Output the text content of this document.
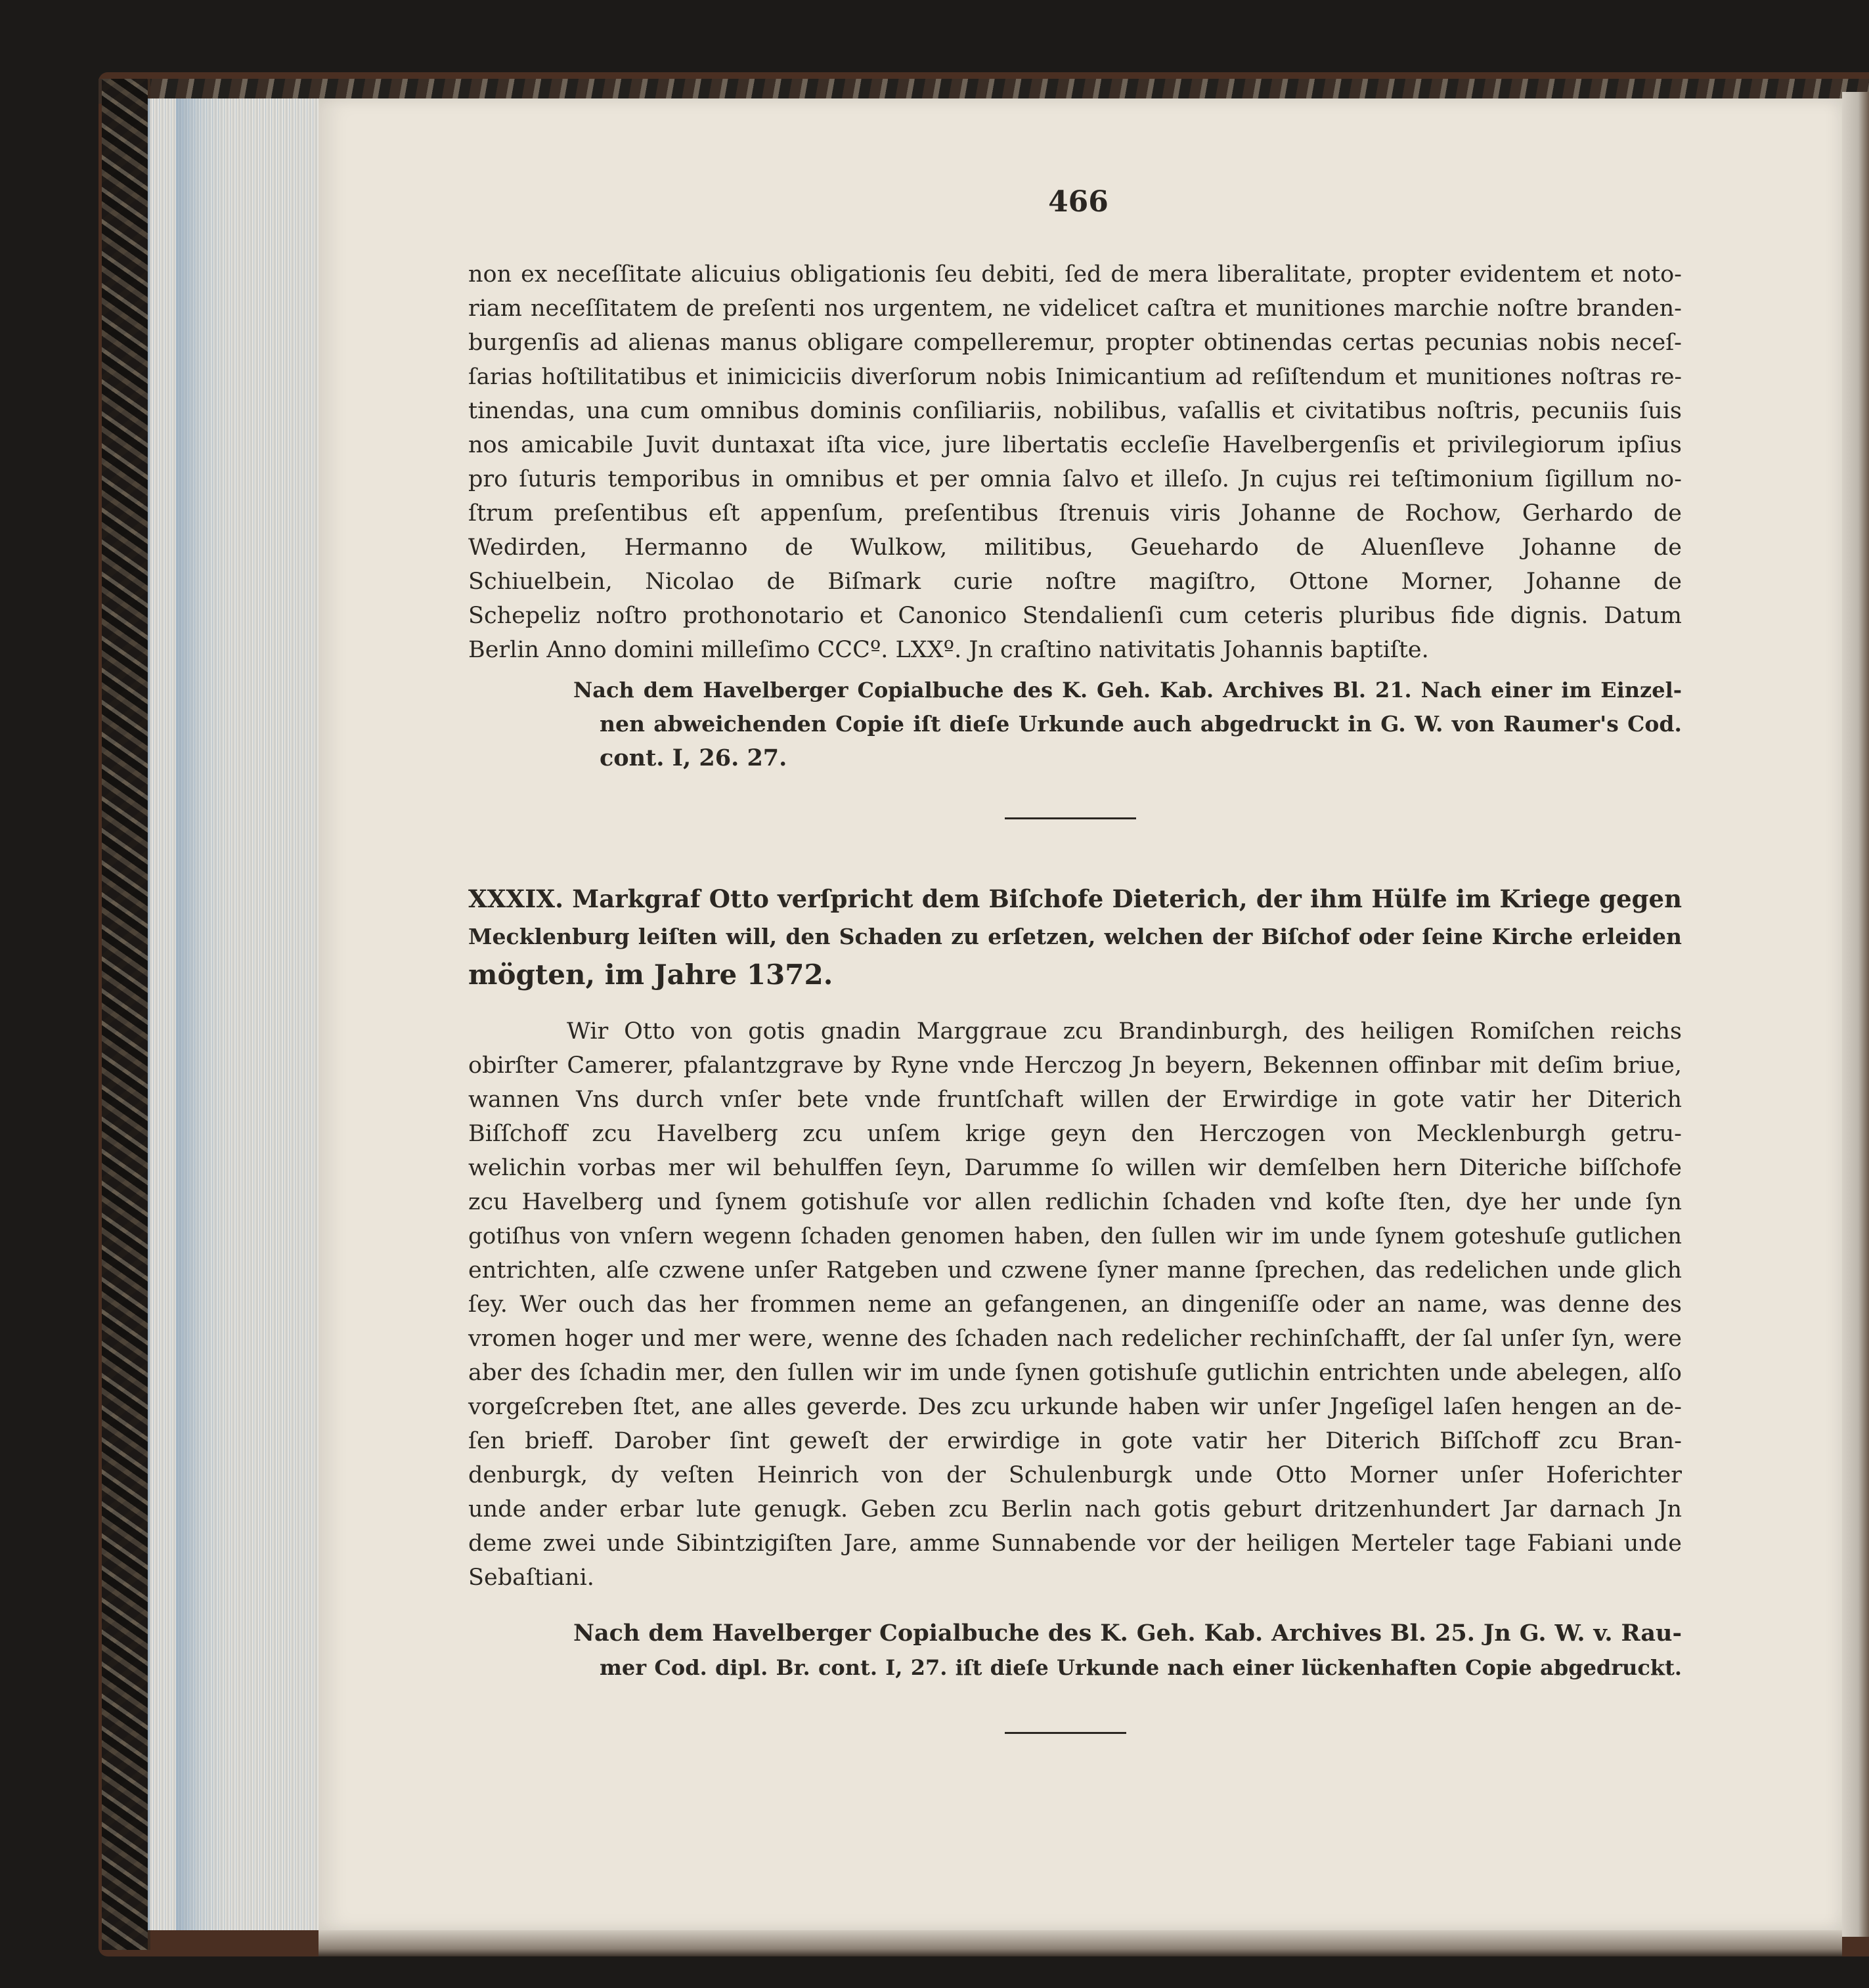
466
non ex neceſſitate alicuius obligationis ſeu debiti, ſed de mera liberalitate, propter evidentem et noto-
riam neceſſitatem de preſenti nos urgentem, ne videlicet caſtra et munitiones marchie noſtre branden-
burgenſis ad alienas manus obligare compelleremur, propter obtinendas certas pecunias nobis neceſ-
ſarias hoſtilitatibus et inimiciciis diverſorum nobis Inimicantium ad reſiſtendum et munitiones noſtras re-
tinendas, una cum omnibus dominis conſiliariis, nobilibus, vaſallis et civitatibus noſtris, pecuniis ſuis
nos amicabile Juvit duntaxat iſta vice, jure libertatis eccleſie Havelbergenſis et privilegiorum ipſius
pro ſuturis temporibus in omnibus et per omnia ſalvo et illeſo. Jn cujus rei teſtimonium ſigillum no-
ſtrum preſentibus eſt appenſum, preſentibus ſtrenuis viris Johanne de Rochow, Gerhardo de
Wedirden, Hermanno de Wulkow, militibus, Geuehardo de Aluenſleve Johanne de
Schiuelbein, Nicolao de Biſmark curie noſtre magiſtro, Ottone Morner, Johanne de
Schepeliz noſtro prothonotario et Canonico Stendalienſi cum ceteris pluribus fide dignis. Datum
Berlin Anno domini milleſimo CCCº. LXXº. Jn craſtino nativitatis Johannis baptiſte.
Nach dem Havelberger Copialbuche des K. Geh. Kab. Archives Bl. 21. Nach einer im Einzel-
nen abweichenden Copie iſt dieſe Urkunde auch abgedruckt in G. W. von Raumer's Cod.
cont. I, 26. 27.
XXXIX. Markgraf Otto verſpricht dem Biſchofe Dieterich, der ihm Hülfe im Kriege gegen
Mecklenburg leiſten will, den Schaden zu erſetzen, welchen der Biſchof oder ſeine Kirche erleiden
mögten, im Jahre 1372.
Wir Otto von gotis gnadin Marggraue zcu Brandinburgh, des heiligen Romiſchen reichs
obirſter Camerer, pfalantzgrave by Ryne vnde Herczog Jn beyern, Bekennen offinbar mit deſim briue,
wannen Vns durch vnſer bete vnde fruntſchaft willen der Erwirdige in gote vatir her Diterich
Biſſchoff zcu Havelberg zcu unſem krige geyn den Herczogen von Mecklenburgh getru-
welichin vorbas mer wil behulffen ſeyn, Darumme ſo willen wir demſelben hern Diteriche biſſchofe
zcu Havelberg und ſynem gotishuſe vor allen redlichin ſchaden vnd koſte ſten, dye her unde ſyn
gotiſhus von vnſern wegenn ſchaden genomen haben, den ſullen wir im unde ſynem goteshuſe gutlichen
entrichten, alſe czwene unſer Ratgeben und czwene ſyner manne ſprechen, das redelichen unde glich
ſey. Wer ouch das her frommen neme an gefangenen, an dingeniſſe oder an name, was denne des
vromen hoger und mer were, wenne des ſchaden nach redelicher rechinſchafft, der ſal unſer ſyn, were
aber des ſchadin mer, den ſullen wir im unde ſynen gotishuſe gutlichin entrichten unde abelegen, alſo
vorgeſcreben ſtet, ane alles geverde. Des zcu urkunde haben wir unſer Jngeſigel laſen hengen an de-
ſen brieff. Darober ſint geweſt der erwirdige in gote vatir her Diterich Biſſchoff zcu Bran-
denburgk, dy veſten Heinrich von der Schulenburgk unde Otto Morner unſer Hoferichter
unde ander erbar lute genugk. Geben zcu Berlin nach gotis geburt dritzenhundert Jar darnach Jn
deme zwei unde Sibintzigiſten Jare, amme Sunnabende vor der heiligen Merteler tage Fabiani unde
Sebaſtiani.
Nach dem Havelberger Copialbuche des K. Geh. Kab. Archives Bl. 25. Jn G. W. v. Rau-
mer Cod. dipl. Br. cont. I, 27. iſt dieſe Urkunde nach einer lückenhaften Copie abgedruckt.
